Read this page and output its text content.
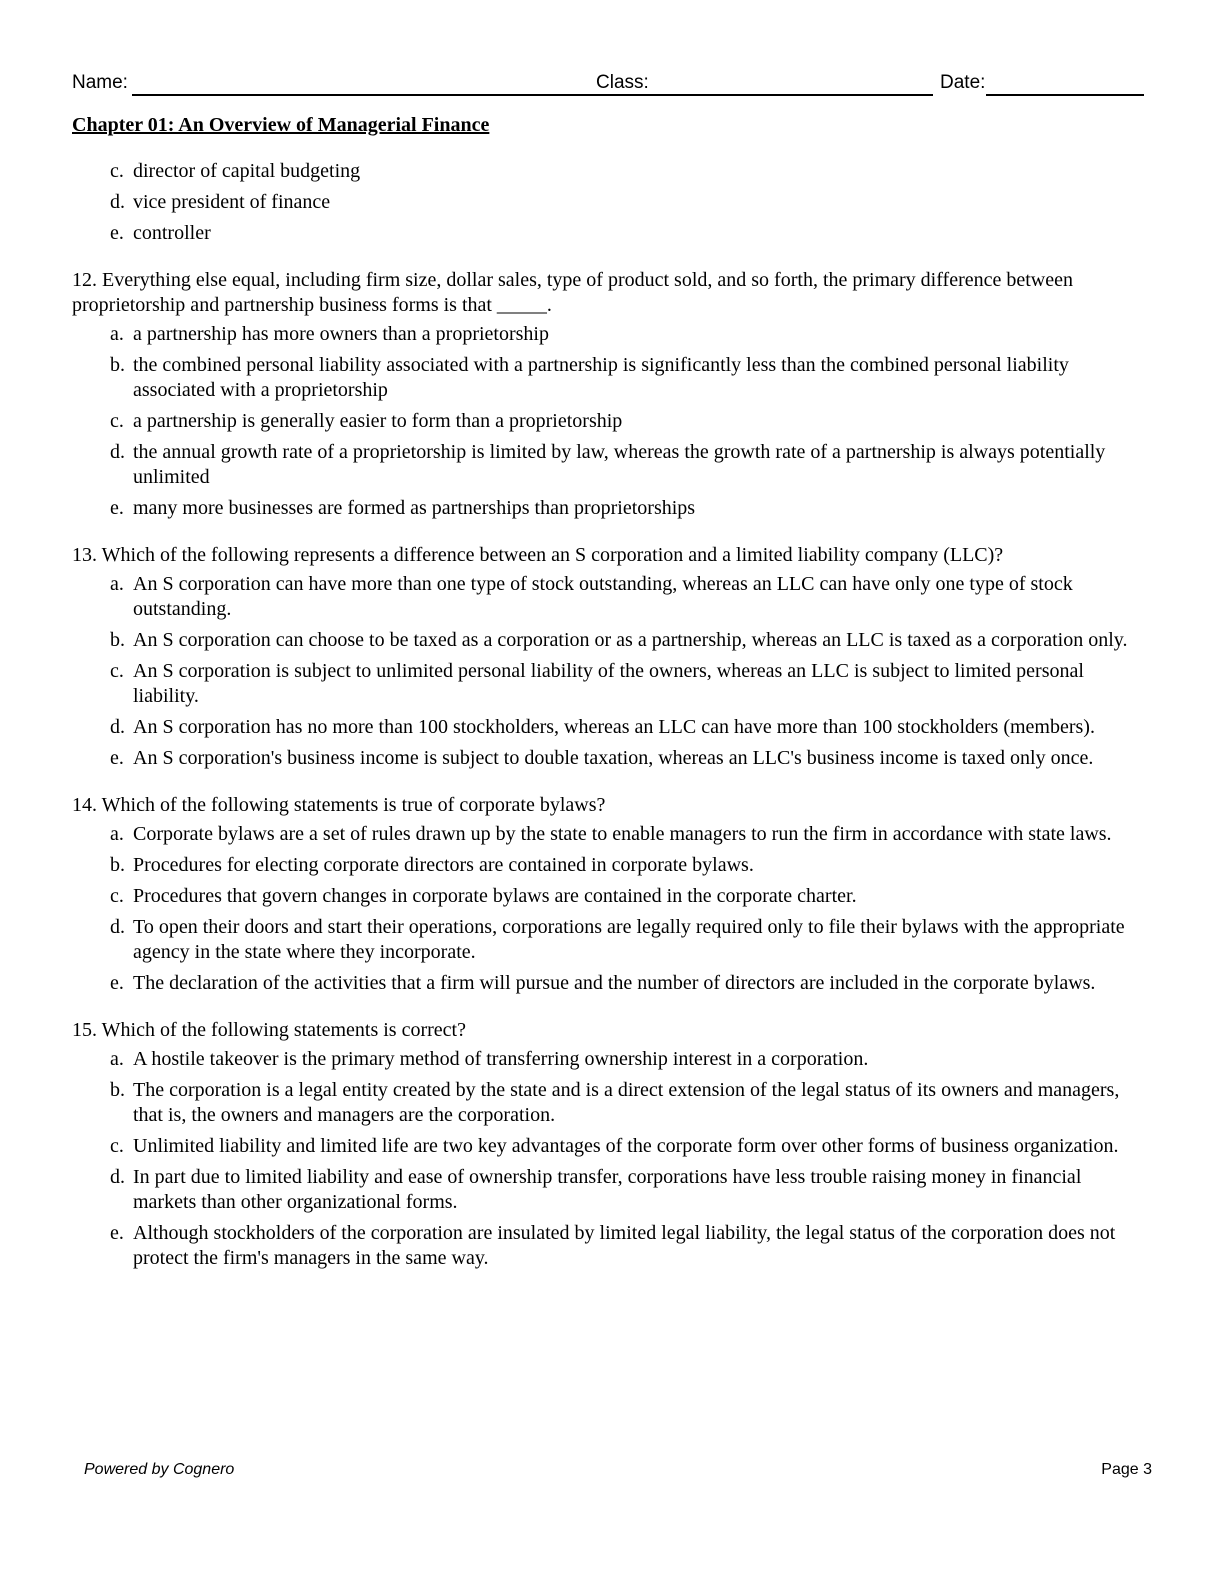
Name:	Class:	Date:
Chapter 01: An Overview of Managerial Finance
c. director of capital budgeting
d. vice president of finance
e. controller
12. Everything else equal, including firm size, dollar sales, type of product sold, and so forth, the primary difference between proprietorship and partnership business forms is that _____.
a. a partnership has more owners than a proprietorship
b. the combined personal liability associated with a partnership is significantly less than the combined personal liability associated with a proprietorship
c. a partnership is generally easier to form than a proprietorship
d. the annual growth rate of a proprietorship is limited by law, whereas the growth rate of a partnership is always potentially unlimited
e. many more businesses are formed as partnerships than proprietorships
13. Which of the following represents a difference between an S corporation and a limited liability company (LLC)?
a. An S corporation can have more than one type of stock outstanding, whereas an LLC can have only one type of stock outstanding.
b. An S corporation can choose to be taxed as a corporation or as a partnership, whereas an LLC is taxed as a corporation only.
c. An S corporation is subject to unlimited personal liability of the owners, whereas an LLC is subject to limited personal liability.
d. An S corporation has no more than 100 stockholders, whereas an LLC can have more than 100 stockholders (members).
e. An S corporation's business income is subject to double taxation, whereas an LLC's business income is taxed only once.
14. Which of the following statements is true of corporate bylaws?
a. Corporate bylaws are a set of rules drawn up by the state to enable managers to run the firm in accordance with state laws.
b. Procedures for electing corporate directors are contained in corporate bylaws.
c. Procedures that govern changes in corporate bylaws are contained in the corporate charter.
d. To open their doors and start their operations, corporations are legally required only to file their bylaws with the appropriate agency in the state where they incorporate.
e. The declaration of the activities that a firm will pursue and the number of directors are included in the corporate bylaws.
15. Which of the following statements is correct?
a. A hostile takeover is the primary method of transferring ownership interest in a corporation.
b. The corporation is a legal entity created by the state and is a direct extension of the legal status of its owners and managers, that is, the owners and managers are the corporation.
c. Unlimited liability and limited life are two key advantages of the corporate form over other forms of business organization.
d. In part due to limited liability and ease of ownership transfer, corporations have less trouble raising money in financial markets than other organizational forms.
e. Although stockholders of the corporation are insulated by limited legal liability, the legal status of the corporation does not protect the firm's managers in the same way.
Powered by Cognero	Page 3
